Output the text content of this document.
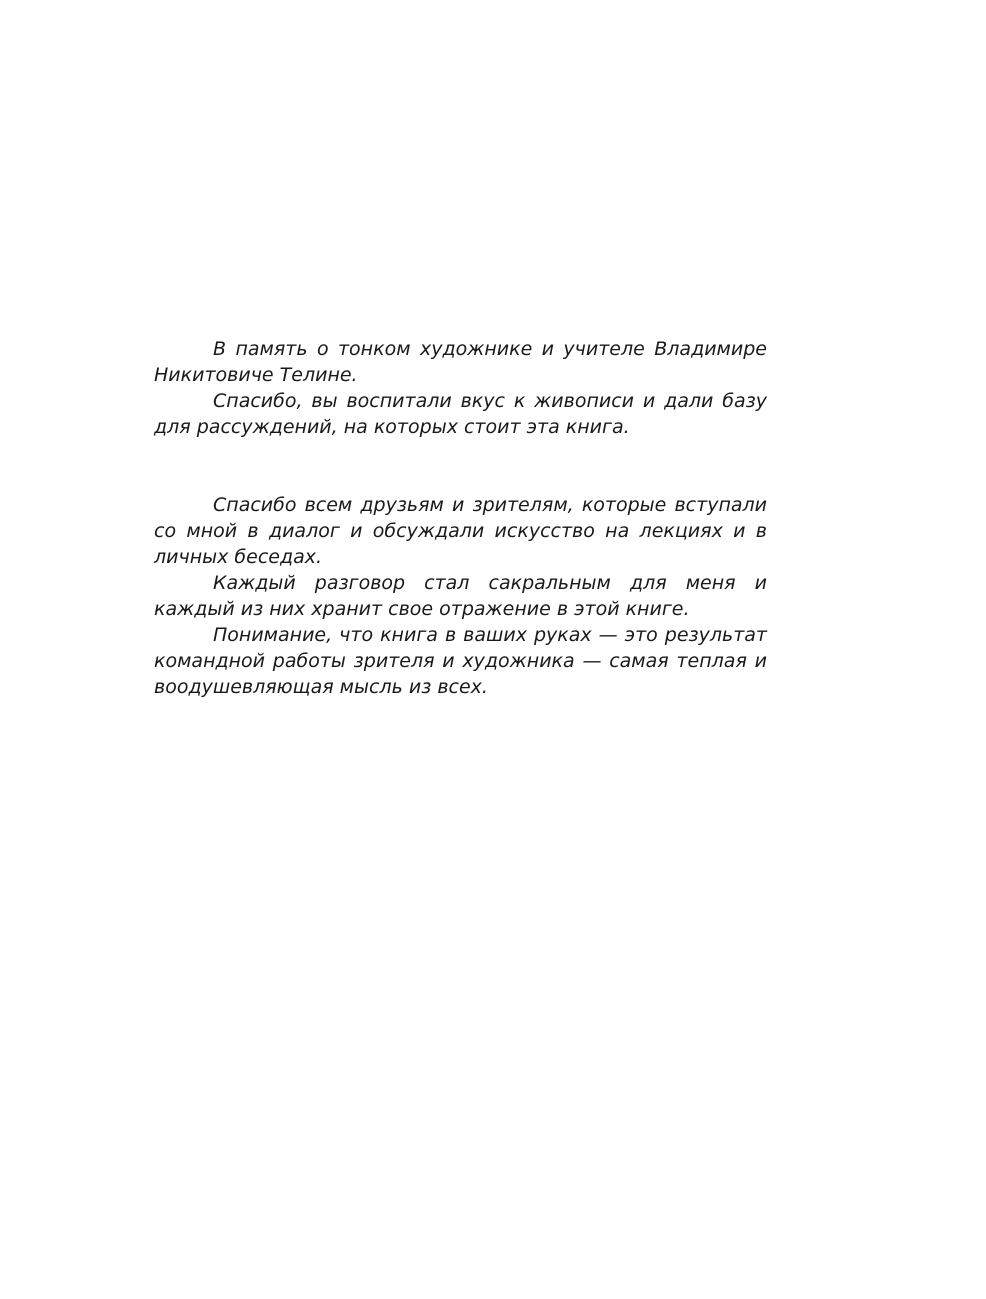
В память о тонком художнике и учителе Владимире Никитовиче Телине.

Спасибо, вы воспитали вкус к живописи и дали базу для рассуждений, на которых стоит эта книга.

Спасибо всем друзьям и зрителям, которые вступали со мной в диалог и обсуждали искусство на лекциях и в личных беседах.

Каждый разговор стал сакральным для меня и каждый из них хранит свое отражение в этой книге.

Понимание, что книга в ваших руках — это результат командной работы зрителя и художника — самая теплая и воодушевляющая мысль из всех.
